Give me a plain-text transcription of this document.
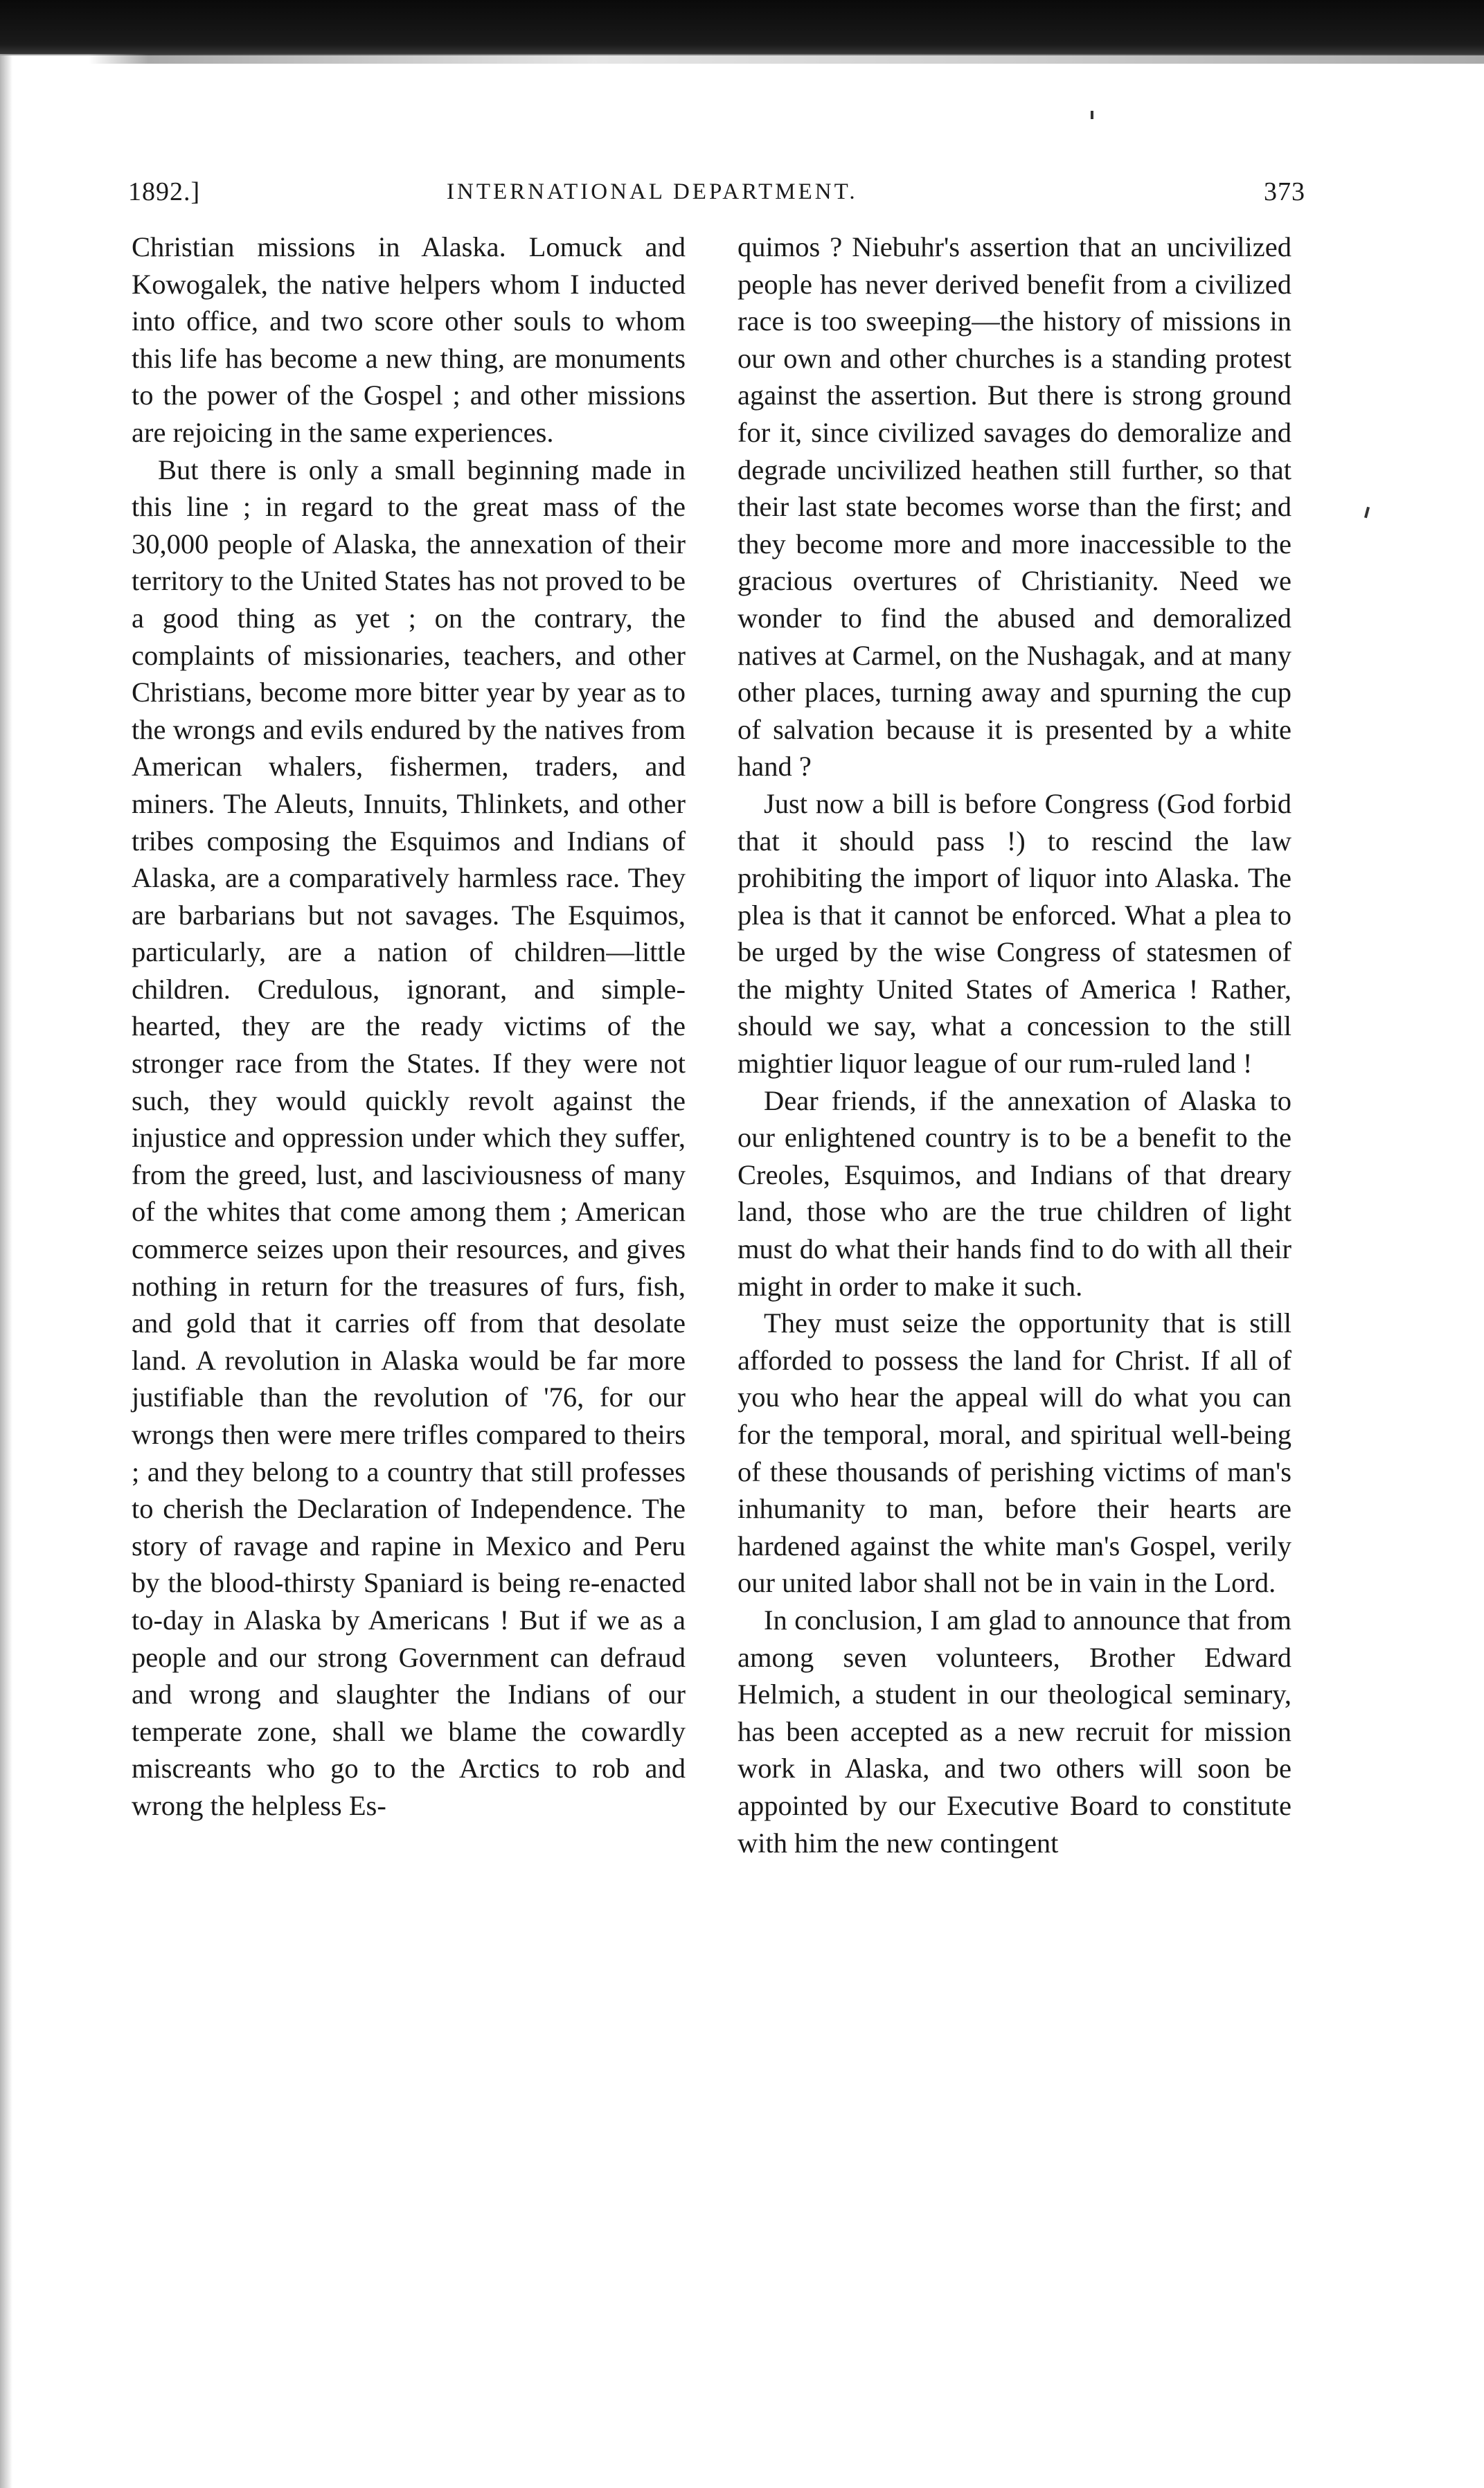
1892.]	INTERNATIONAL DEPARTMENT.	373

Christian missions in Alaska. Lomuck and Kowogalek, the native helpers whom I inducted into office, and two score other souls to whom this life has become a new thing, are monuments to the power of the Gospel ; and other missions are rejoicing in the same experiences.

But there is only a small beginning made in this line ; in regard to the great mass of the 30,000 people of Alaska, the annexation of their territory to the United States has not proved to be a good thing as yet ; on the contrary, the complaints of missionaries, teachers, and other Christians, become more bitter year by year as to the wrongs and evils endured by the natives from American whalers, fishermen, traders, and miners. The Aleuts, Innuits, Thlinkets, and other tribes composing the Esquimos and Indians of Alaska, are a comparatively harmless race. They are barbarians but not savages. The Esquimos, particularly, are a nation of children—little children. Credulous, ignorant, and simple-hearted, they are the ready victims of the stronger race from the States. If they were not such, they would quickly revolt against the injustice and oppression under which they suffer, from the greed, lust, and lasciviousness of many of the whites that come among them ; American commerce seizes upon their resources, and gives nothing in return for the treasures of furs, fish, and gold that it carries off from that desolate land. A revolution in Alaska would be far more justifiable than the revolution of '76, for our wrongs then were mere trifles compared to theirs ; and they belong to a country that still professes to cherish the Declaration of Independence. The story of ravage and rapine in Mexico and Peru by the blood-thirsty Spaniard is being re-enacted to-day in Alaska by Americans ! But if we as a people and our strong Government can defraud and wrong and slaughter the Indians of our temperate zone, shall we blame the cowardly miscreants who go to the Arctics to rob and wrong the helpless Es-

quimos ? Niebuhr's assertion that an uncivilized people has never derived benefit from a civilized race is too sweeping—the history of missions in our own and other churches is a standing protest against the assertion. But there is strong ground for it, since civilized savages do demoralize and degrade uncivilized heathen still further, so that their last state becomes worse than the first; and they become more and more inaccessible to the gracious overtures of Christianity. Need we wonder to find the abused and demoralized natives at Carmel, on the Nushagak, and at many other places, turning away and spurning the cup of salvation because it is presented by a white hand ?

Just now a bill is before Congress (God forbid that it should pass !) to rescind the law prohibiting the import of liquor into Alaska. The plea is that it cannot be enforced. What a plea to be urged by the wise Congress of statesmen of the mighty United States of America ! Rather, should we say, what a concession to the still mightier liquor league of our rum-ruled land !

Dear friends, if the annexation of Alaska to our enlightened country is to be a benefit to the Creoles, Esquimos, and Indians of that dreary land, those who are the true children of light must do what their hands find to do with all their might in order to make it such.

They must seize the opportunity that is still afforded to possess the land for Christ. If all of you who hear the appeal will do what you can for the temporal, moral, and spiritual well-being of these thousands of perishing victims of man's inhumanity to man, before their hearts are hardened against the white man's Gospel, verily our united labor shall not be in vain in the Lord.

In conclusion, I am glad to announce that from among seven volunteers, Brother Edward Helmich, a student in our theological seminary, has been accepted as a new recruit for mission work in Alaska, and two others will soon be appointed by our Executive Board to constitute with him the new contingent
